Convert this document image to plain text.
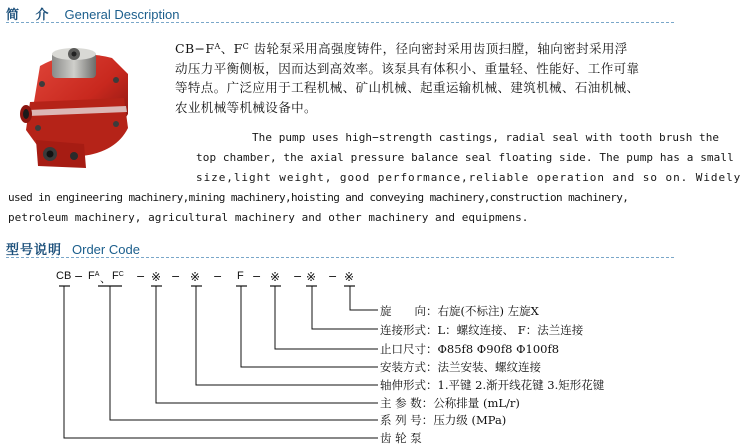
简 介 General Description
$CB-F^A$、$F^C$ 齿轮泵采用高强度铸件，径向密封采用齿顶扫膛，轴向密封采用浮
动压力平衡侧板，因而达到高效率。该泵具有体积小、重量轻、性能好、工作可靠
等特点。广泛应用于工程机械、矿山机械、起重运输机械、建筑机械、石油机械、
农业机械等机械设备中。
The pump uses high−strength castings, radial seal with tooth brush the
top chamber, the axial pressure balance seal floating side. The pump has a small
size,light weight, good performance,reliable operation and so on. Widely
used in engineering machinery,mining machinery,hoisting and conveying machinery,construction machinery,
petroleum machinery, agricultural machinery and other machinery and equipmens.
型号说明 Order Code
CB − $F^A$ 、 $F^C$ − ※ − ※ − F − ※ − ※ − ※
旋　　向：右旋(不标注) 左旋X
连接形式：L：螺纹连接、 F：法兰连接
止口尺寸：Φ85f8 Φ90f8 Φ100f8
安装方式：法兰安装、螺纹连接
轴伸形式：1.平键 2.渐开线花键 3.矩形花键
主 参 数：公称排量 (mL/r)
系 列 号：压力级 (MPa)
齿 轮 泵
